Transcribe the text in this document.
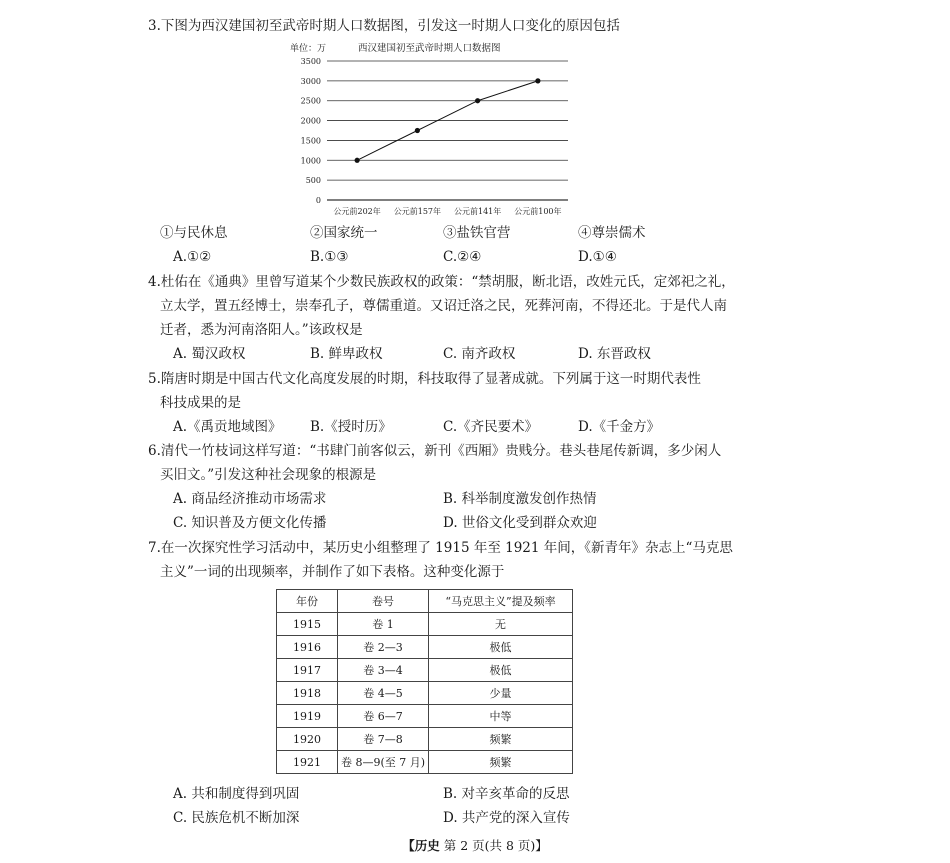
3.下图为西汉建国初至武帝时期人口数据图，引发这一时期人口变化的原因包括
单位：万	西汉建国初至武帝时期人口数据图
0
500
1000
1500
2000
2500
3000
3500
公元前202年 公元前157年 公元前141年 公元前100年
①与民休息	②国家统一	③盐铁官营	④尊崇儒术
A.①②	B.①③	C.②④	D.①④
4.杜佑在《通典》里曾写道某个少数民族政权的政策：“禁胡服，断北语，改姓元氏，定郊祀之礼，
立太学，置五经博士，崇奉孔子，尊儒重道。又诏迁洛之民，死葬河南，不得还北。于是代人南
迁者，悉为河南洛阳人。”该政权是
A. 蜀汉政权	B. 鲜卑政权	C. 南齐政权	D. 东晋政权
5.隋唐时期是中国古代文化高度发展的时期，科技取得了显著成就。下列属于这一时期代表性
科技成果的是
A.《禹贡地域图》 B.《授时历》	C.《齐民要术》	D.《千金方》
6.清代一竹枝词这样写道：“书肆门前客似云，新刊《西厢》贵贱分。巷头巷尾传新调，多少闲人
买旧文。”引发这种社会现象的根源是
A. 商品经济推动市场需求	B. 科举制度激发创作热情
C. 知识普及方便文化传播	D. 世俗文化受到群众欢迎
7.在一次探究性学习活动中，某历史小组整理了 1915 年至 1921 年间，《新青年》杂志上“马克思
主义”一词的出现频率，并制作了如下表格。这种变化源于
年份	卷号	“马克思主义”提及频率
1915	卷 1	无
1916	卷 2—3	极低
1917	卷 3—4	极低
1918	卷 4—5	少量
1919	卷 6—7	中等
1920	卷 7—8	频繁
1921	卷 8—9(至 7 月)	频繁
A. 共和制度得到巩固	B. 对辛亥革命的反思
C. 民族危机不断加深	D. 共产党的深入宣传
【历史 第 2 页(共 8 页)】
